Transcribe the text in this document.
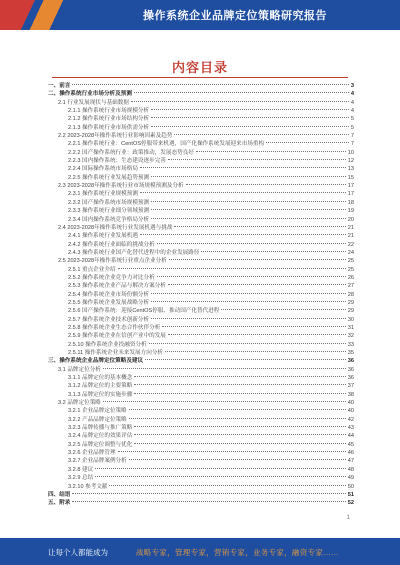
操作系统企业品牌定位策略研究报告
内容目录
一、前言	3
二、操作系统行业市场分析及预测	4
2.1 行业发展现状与基础数据	4
2.1.1 操作系统行业市场规模分析	4
2.1.2 操作系统行业市场结构分析	5
2.1.3 操作系统行业市场供需分析	5
2.2 2023-2028年操作系统行业影响因素及趋势	7
2.2.1 操作系统行业：CentOS停服带来机遇，国产化操作系统发展迎来市场重构	7
2.2.2 国产操作系统行业：政策推动，发展态势良好	10
2.2.3 国内操作系统：生态建设逐步完善	12
2.2.4 国际操作系统市场格局	13
2.2.5 操作系统行业发展趋势预测	15
2.3 2023-2028年操作系统行业市场规模预测及分析	17
2.3.1 操作系统行业规模预测	17
2.3.2 国产操作系统市场规模预测	18
2.3.3 操作系统行业细分领域预测	19
2.3.4 国内操作系统竞争格局分析	20
2.4 2023-2028年操作系统行业发展机遇与挑战	21
2.4.1 操作系统行业发展机遇	21
2.4.2 操作系统行业面临的挑战分析	22
2.4.3 操作系统行业国产化替代进程中的企业发展路径	24
2.5 2023-2028年操作系统行业重点企业分析	25
2.5.1 重点企业介绍	25
2.5.2 操作系统企业竞争力对比分析	26
2.5.3 操作系统企业产品与解决方案分析	27
2.5.4 操作系统企业市场份额分析	28
2.5.5 操作系统企业发展战略分析	29
2.5.6 国产操作系统：迎接CentOS停服、推动国产化替代进程	29
2.5.7 操作系统企业技术创新分析	30
2.5.8 操作系统企业生态合作伙伴分析	31
2.5.9 操作系统企业在信创产业中的发展	32
2.5.10 操作系统企业投融资分析	33
2.5.11 操作系统企业未来发展方向分析	35
三、操作系统企业品牌定位策略及建议	36
3.1 品牌定位分析	36
3.1.1 品牌定位的基本概念	36
3.1.2 品牌定位的主要策略	37
3.1.3 品牌定位的实施步骤	38
3.2 品牌定位策略	40
3.2.1 企业品牌定位策略	40
3.2.2 产品品牌定位策略	42
3.2.3 品牌传播与推广策略	43
3.2.4 品牌定位的效果评估	44
3.2.5 品牌定位调整与优化	45
3.2.6 企业品牌管理	46
3.2.7 企业品牌案例分析	47
3.2.8 建议	48
3.2.9 总结	49
3.2.10 参考文献	50
四、结语	51
五、附录	52
1
让每个人都能成为	战略专家，管理专家，营销专家，业务专家，融资专家……
